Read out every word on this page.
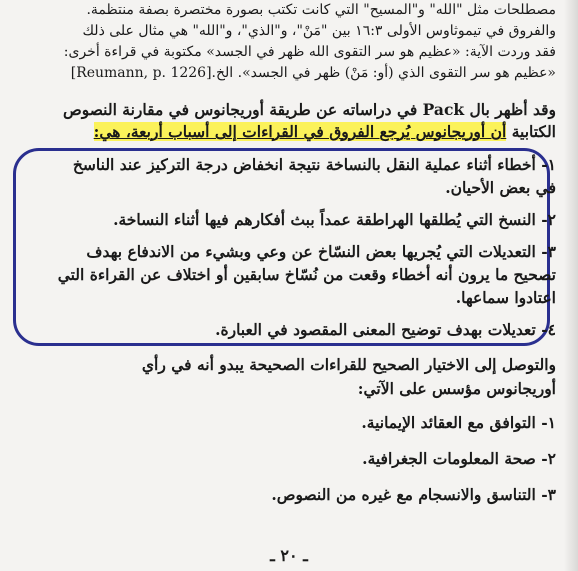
مصطلحات مثل "الله" و"المسيح" التي كانت تكتب بصورة مختصرة بصفة منتظمة.
والفروق في تيموثاوس الأولى ١٦:٣ بين "مَنْ"، و"الذي"، و"الله" هي مثال على ذلك
فقد وردت الآية: «عظيم هو سر التقوى الله ظهر في الجسد» مكتوبة في قراءة أخرى:
«عظيم هو سر التقوى الذي (أو: مَنْ) ظهر في الجسد». الخ.[Reumann, p. 1226]
وقد أظهر بال Pack في دراساته عن طريقة أوريجانوس في مقارنة النصوص
الكتابية أن أوريجانوس يُرجع الفروق في القراءات إلى أسباب أربعة، هي:
١- أخطاء أثناء عملية النقل بالنساخة نتيجة انخفاض درجة التركيز عند الناسخ
في بعض الأحيان.
٢- النسخ التي يُطلقها الهراطقة عمداً ببث أفكارهم فيها أثناء النساخة.
٣- التعديلات التي يُجريها بعض النسّاخ عن وعي وبشيء من الاندفاع بهدف
تصحيح ما يرون أنه أخطاء وقعت من نُسّاخ سابقين أو اختلاف عن القراءة التي
اعتادوا سماعها.
٤- تعديلات بهدف توضيح المعنى المقصود في العبارة.
والتوصل إلى الاختيار الصحيح للقراءات الصحيحة يبدو أنه في رأي
أوريجانوس مؤسس على الآتي:
١- التوافق مع العقائد الإيمانية.
٢- صحة المعلومات الجغرافية.
٣- التناسق والانسجام مع غيره من النصوص.
ـ ٢٠ ـ
